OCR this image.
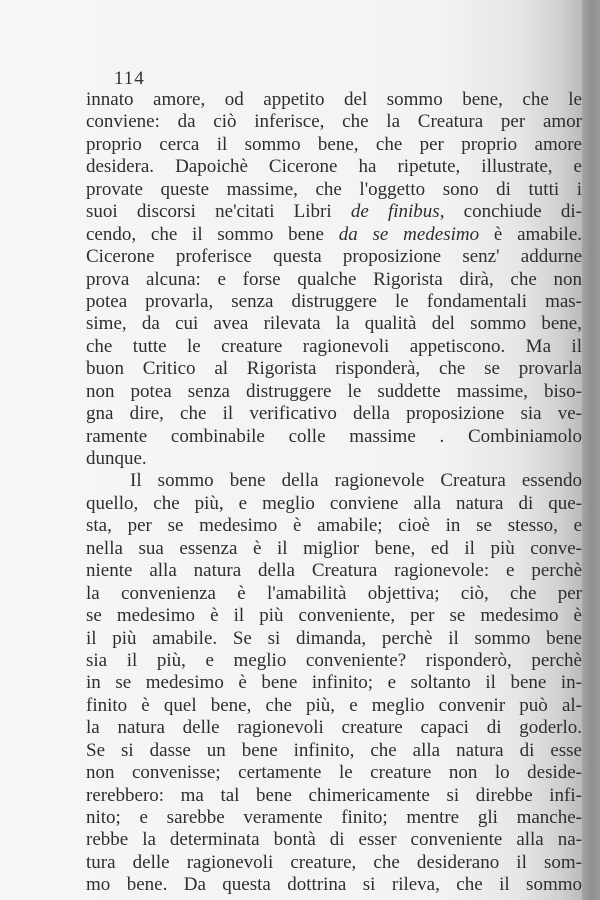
114
innato amore, od appetito del sommo bene, che le
conviene: da ciò inferisce, che la Creatura per amor
proprio cerca il sommo bene, che per proprio amore
desidera. Dapoichè Cicerone ha ripetute, illustrate, e
provate queste massime, che l'oggetto sono di tutti i
suoi discorsi ne'citati Libri de finibus, conchiude di-
cendo, che il sommo bene da se medesimo è amabile.
Cicerone proferisce questa proposizione senz' addurne
prova alcuna: e forse qualche Rigorista dirà, che non
potea provarla, senza distruggere le fondamentali mas-
sime, da cui avea rilevata la qualità del sommo bene,
che tutte le creature ragionevoli appetiscono. Ma il
buon Critico al Rigorista risponderà, che se provarla
non potea senza distruggere le suddette massime, biso-
gna dire, che il verificativo della proposizione sia ve-
ramente combinabile colle massime . Combiniamolo
dunque.
Il sommo bene della ragionevole Creatura essendo
quello, che più, e meglio conviene alla natura di que-
sta, per se medesimo è amabile; cioè in se stesso, e
nella sua essenza è il miglior bene, ed il più conve-
niente alla natura della Creatura ragionevole: e perchè
la convenienza è l'amabilità objettiva; ciò, che per
se medesimo è il più conveniente, per se medesimo è
il più amabile. Se si dimanda, perchè il sommo bene
sia il più, e meglio conveniente? risponderò, perchè
in se medesimo è bene infinito; e soltanto il bene in-
finito è quel bene, che più, e meglio convenir può al-
la natura delle ragionevoli creature capaci di goderlo.
Se si dasse un bene infinito, che alla natura di esse
non convenisse; certamente le creature non lo deside-
rerebbero: ma tal bene chimericamente si direbbe infi-
nito; e sarebbe veramente finito; mentre gli manche-
rebbe la determinata bontà di esser conveniente alla na-
tura delle ragionevoli creature, che desiderano il som-
mo bene. Da questa dottrina si rileva, che il sommo
